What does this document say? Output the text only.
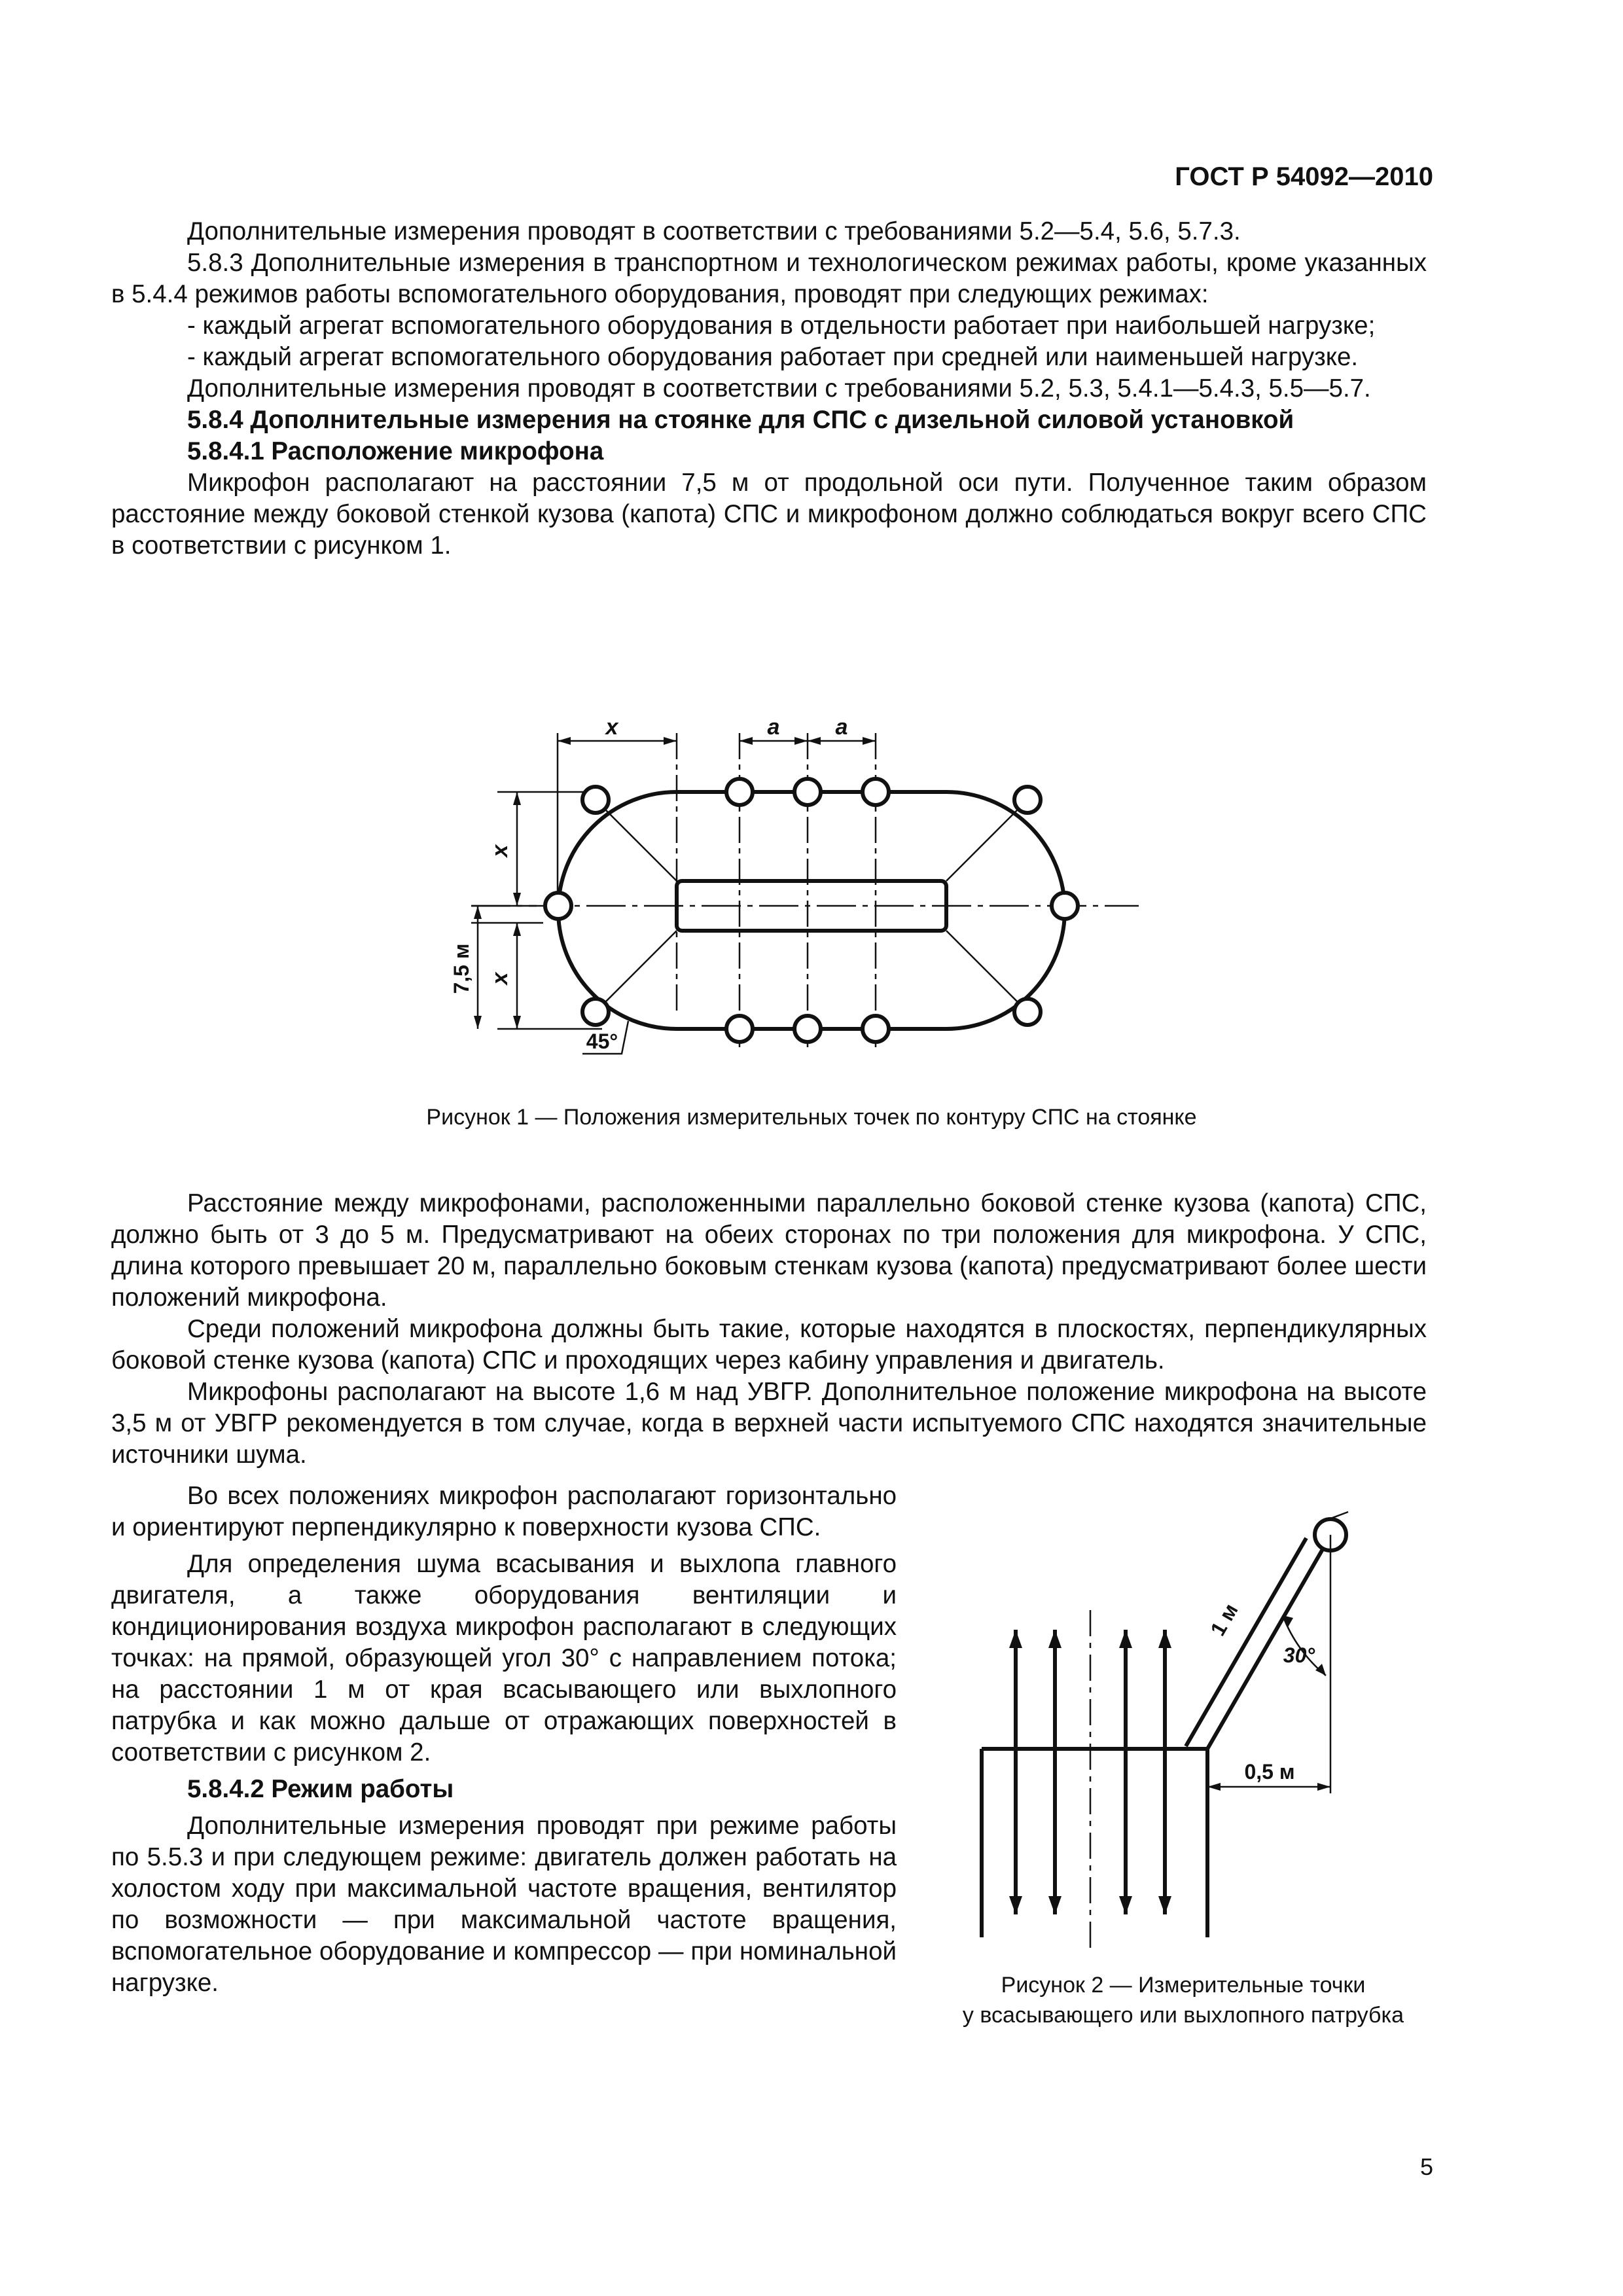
ГОСТ Р 54092—2010

Дополнительные измерения проводят в соответствии с требованиями 5.2—5.4, 5.6, 5.7.3.

5.8.3 Дополнительные измерения в транспортном и технологическом режимах работы, кроме указанных в 5.4.4 режимов работы вспомогательного оборудования, проводят при следующих режимах:

- каждый агрегат вспомогательного оборудования в отдельности работает при наибольшей нагрузке;

- каждый агрегат вспомогательного оборудования работает при средней или наименьшей нагрузке.

Дополнительные измерения проводят в соответствии с требованиями 5.2, 5.3, 5.4.1—5.4.3, 5.5—5.7.

5.8.4 Дополнительные измерения на стоянке для СПС с дизельной силовой установкой

5.8.4.1 Расположение микрофона

Микрофон располагают на расстоянии 7,5 м от продольной оси пути. Полученное таким образом расстояние между боковой стенкой кузова (капота) СПС и микрофоном должно соблюдаться вокруг всего СПС в соответствии с рисунком 1.

x	a	a
x
x
7,5 м
45°
Рисунок 1 — Положения измерительных точек по контуру СПС на стоянке

Расстояние между микрофонами, расположенными параллельно боковой стенке кузова (капота) СПС, должно быть от 3 до 5 м. Предусматривают на обеих сторонах по три положения для микрофона. У СПС, длина которого превышает 20 м, параллельно боковым стенкам кузова (капота) предусматривают более шести положений микрофона.

Среди положений микрофона должны быть такие, которые находятся в плоскостях, перпендикулярных боковой стенке кузова (капота) СПС и проходящих через кабину управления и двигатель.

Микрофоны располагают на высоте 1,6 м над УВГР. Дополнительное положение микрофона на высоте 3,5 м от УВГР рекомендуется в том случае, когда в верхней части испытуемого СПС находятся значительные источники шума.

Во всех положениях микрофон располагают горизонтально и ориентируют перпендикулярно к поверхности кузова СПС.

Для определения шума всасывания и выхлопа главного двигателя, а также оборудования вентиляции и кондиционирования воздуха микрофон располагают в следующих точках: на прямой, образующей угол 30° с направлением потока; на расстоянии 1 м от края всасывающего или выхлопного патрубка и как можно дальше от отражающих поверхностей в соответствии с рисунком 2.

5.8.4.2 Режим работы

Дополнительные измерения проводят при режиме работы по 5.5.3 и при следующем режиме: двигатель должен работать на холостом ходу при максимальной частоте вращения, вентилятор по возможности — при максимальной частоте вращения, вспомогательное оборудование и компрессор — при номинальной нагрузке.

1 м
30°
0,5 м
Рисунок 2 — Измерительные точки
у всасывающего или выхлопного патрубка
5
